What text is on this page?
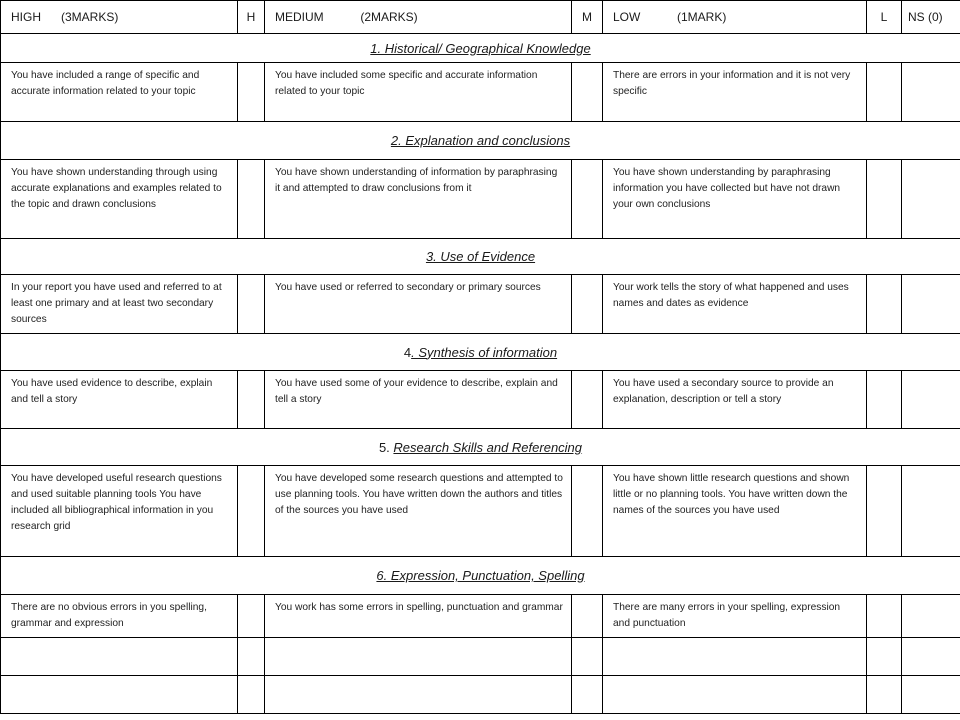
HIGH      (3MARKS)	H	MEDIUM           (2MARKS)	M	LOW           (1MARK)	L	NS (0)
1. Historical/ Geographical Knowledge						

You have included a range of specific and accurate information related to your topic		You have included some specific and accurate information related to your topic		There are errors in your information and it is not very specific		

2. Explanation and conclusions						

You have shown understanding through using accurate explanations and examples related to the topic and drawn conclusions		You have shown understanding of information by paraphrasing it and attempted to draw conclusions from it		You have shown understanding by paraphrasing information you have collected but have not drawn your own conclusions		

3. Use of Evidence						

In your report you have used and referred to at least one primary and at least two secondary sources		You have used or referred to secondary or primary sources		Your work tells the story of what happened and uses names and dates as evidence		

4. Synthesis of information						

You have used evidence to describe, explain and tell a story		You have used some of your evidence to describe, explain and tell a story		You have used a secondary source to provide an explanation, description or tell a story		

5. Research Skills and Referencing						

You have developed useful research questions and used suitable planning tools You have included all bibliographical information in you research grid		You have developed some research questions and attempted to use planning tools. You have written down the authors and titles of the sources you have used		You have shown little research questions and shown little or no planning tools. You have written down the names of the sources you have used		

6. Expression, Punctuation, Spelling						

There are no obvious errors in you spelling, grammar and expression		You work has some errors in spelling, punctuation and grammar		There are many errors in your spelling, expression and punctuation		
